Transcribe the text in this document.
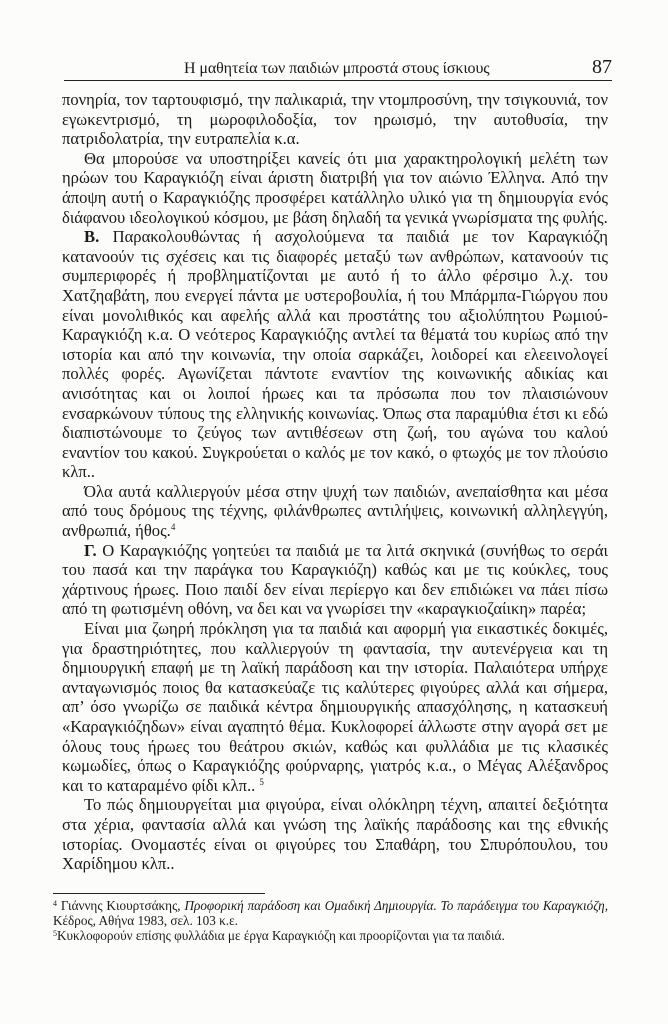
Η μαθητεία των παιδιών μπροστά στους ίσκιους	87

πονηρία, τον ταρτουφισμό, την παλικαριά, την ντομπροσύνη, την τσιγκουνιά, τον εγωκεντρισμό, τη μωροφιλοδοξία, τον ηρωισμό, την αυτοθυσία, την πατριδολατρία, την ευτραπελία κ.α.

Θα μπορούσε να υποστηρίξει κανείς ότι μια χαρακτηρολογική μελέτη των ηρώων του Καραγκιόζη είναι άριστη διατριβή για τον αιώνιο Έλληνα. Από την άποψη αυτή ο Καραγκιόζης προσφέρει κατάλληλο υλικό για τη δημιουργία ενός διάφανου ιδεολογικού κόσμου, με βάση δηλαδή τα γενικά γνωρίσματα της φυλής.

Β. Παρακολουθώντας ή ασχολούμενα τα παιδιά με τον Καραγκιόζη κατανοούν τις σχέσεις και τις διαφορές μεταξύ των ανθρώπων, κατανοούν τις συμπεριφορές ή προβληματίζονται με αυτό ή το άλλο φέρσιμο λ.χ. του Χατζηαβάτη, που ενεργεί πάντα με υστεροβουλία, ή του Μπάρμπα-Γιώργου που είναι μονολιθικός και αφελής αλλά και προστάτης του αξιολύπητου Ρωμιού-Καραγκιόζη κ.α. Ο νεότερος Καραγκιόζης αντλεί τα θέματά του κυρίως από την ιστορία και από την κοινωνία, την οποία σαρκάζει, λοιδορεί και ελεεινολογεί πολλές φορές. Αγωνίζεται πάντοτε εναντίον της κοινωνικής αδικίας και ανισότητας και οι λοιποί ήρωες και τα πρόσωπα που τον πλαισιώνουν ενσαρκώνουν τύπους της ελληνικής κοινωνίας. Όπως στα παραμύθια έτσι κι εδώ διαπιστώνουμε το ζεύγος των αντιθέσεων στη ζωή, του αγώνα του καλού εναντίον του κακού. Συγκρούεται ο καλός με τον κακό, ο φτωχός με τον πλούσιο κλπ..

Όλα αυτά καλλιεργούν μέσα στην ψυχή των παιδιών, ανεπαίσθητα και μέσα από τους δρόμους της τέχνης, φιλάνθρωπες αντιλήψεις, κοινωνική αλληλεγγύη, ανθρωπιά, ήθος.$^4$

Γ. Ο Καραγκιόζης γοητεύει τα παιδιά με τα λιτά σκηνικά (συνήθως το σεράι του πασά και την παράγκα του Καραγκιόζη) καθώς και με τις κούκλες, τους χάρτινους ήρωες. Ποιο παιδί δεν είναι περίεργο και δεν επιδιώκει να πάει πίσω από τη φωτισμένη οθόνη, να δει και να γνωρίσει την «καραγκιοζαίικη» παρέα;

Είναι μια ζωηρή πρόκληση για τα παιδιά και αφορμή για εικαστικές δοκιμές, για δραστηριότητες, που καλλιεργούν τη φαντασία, την αυτενέργεια και τη δημιουργική επαφή με τη λαϊκή παράδοση και την ιστορία. Παλαιότερα υπήρχε ανταγωνισμός ποιος θα κατασκεύαζε τις καλύτερες φιγούρες αλλά και σήμερα, απ’ όσο γνωρίζω σε παιδικά κέντρα δημιουργικής απασχόλησης, η κατασκευή «Καραγκιόζηδων» είναι αγαπητό θέμα. Κυκλοφορεί άλλωστε στην αγορά σετ με όλους τους ήρωες του θεάτρου σκιών, καθώς και φυλλάδια με τις κλασικές κωμωδίες, όπως ο Καραγκιόζης φούρναρης, γιατρός κ.α., ο Μέγας Αλέξανδρος και το καταραμένο φίδι κλπ.. $^5$

Το πώς δημιουργείται μια φιγούρα, είναι ολόκληρη τέχνη, απαιτεί δεξιότητα στα χέρια, φαντασία αλλά και γνώση της λαϊκής παράδοσης και της εθνικής ιστορίας. Ονομαστές είναι οι φιγούρες του Σπαθάρη, του Σπυρόπουλου, του Χαρίδημου κλπ..

$^4$ Γιάννης Κιουρτσάκης, Προφορική παράδοση και Ομαδική Δημιουργία. Το παράδειγμα του Καραγκιόζη, Κέδρος, Αθήνα 1983, σελ. 103 κ.ε.

$^5$Κυκλοφορούν επίσης φυλλάδια με έργα Καραγκιόζη και προορίζονται για τα παιδιά.
